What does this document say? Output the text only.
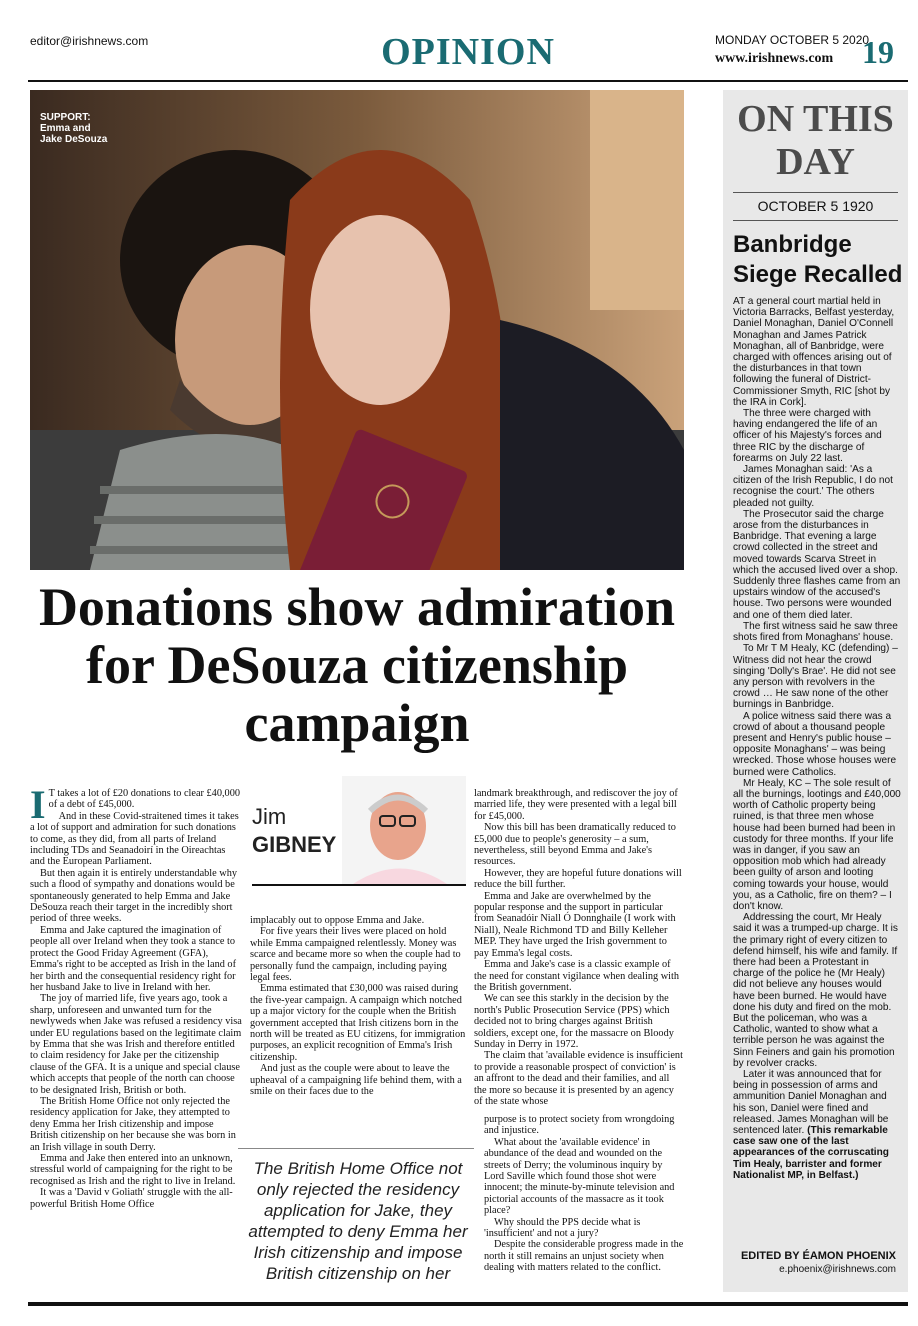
editor@irishnews.com	OPINION	MONDAY OCTOBER 5 2020
www.irishnews.com 19
SUPPORT:
Emma and
Jake DeSouza
Donations show admiration for DeSouza citizenship campaign

I T takes a lot of £20 donations to clear £40,000 of a debt of £45,000.

And in these Covid-straitened times it takes a lot of support and admiration for such donations to come, as they did, from all parts of Ireland including TDs and Seanadoirí in the Oireachtas and the European Parliament.

But then again it is entirely understandable why such a flood of sympathy and donations would be spontaneously generated to help Emma and Jake DeSouza reach their target in the incredibly short period of three weeks.

Emma and Jake captured the imagination of people all over Ireland when they took a stance to protect the Good Friday Agreement (GFA), Emma's right to be accepted as Irish in the land of her birth and the consequential residency right for her husband Jake to live in Ireland with her.

The joy of married life, five years ago, took a sharp, unforeseen and unwanted turn for the newlyweds when Jake was refused a residency visa under EU regulations based on the legitimate claim by Emma that she was Irish and therefore entitled to claim residency for Jake per the citizenship clause of the GFA. It is a unique and special clause which accepts that people of the north can choose to be designated Irish, British or both.

The British Home Office not only rejected the residency application for Jake, they attempted to deny Emma her Irish citizenship and impose British citizenship on her because she was born in an Irish village in south Derry.

Emma and Jake then entered into an unknown, stressful world of campaigning for the right to be recognised as Irish and the right to live in Ireland.

It was a 'David v Goliath' struggle with the all-powerful British Home Office

Jim
GIBNEY

implacably out to oppose Emma and Jake.

For five years their lives were placed on hold while Emma campaigned relentlessly. Money was scarce and became more so when the couple had to personally fund the campaign, including paying legal fees.

Emma estimated that £30,000 was raised during the five-year campaign. A campaign which notched up a major victory for the couple when the British government accepted that Irish citizens born in the north will be treated as EU citizens, for immigration purposes, an explicit recognition of Emma's Irish citizenship.

And just as the couple were about to leave the upheaval of a campaigning life behind them, with a smile on their faces due to the

The British Home Office not only rejected the residency application for Jake, they attempted to deny Emma her Irish citizenship and impose British citizenship on her

landmark breakthrough, and rediscover the joy of married life, they were presented with a legal bill for £45,000.

Now this bill has been dramatically reduced to £5,000 due to people's generosity – a sum, nevertheless, still beyond Emma and Jake's resources.

However, they are hopeful future donations will reduce the bill further.

Emma and Jake are overwhelmed by the popular response and the support in particular from Seanadóir Niall Ó Donnghaile (I work with Niall), Neale Richmond TD and Billy Kelleher MEP. They have urged the Irish government to pay Emma's legal costs.

Emma and Jake's case is a classic example of the need for constant vigilance when dealing with the British government.

We can see this starkly in the decision by the north's Public Prosecution Service (PPS) which decided not to bring charges against British soldiers, except one, for the massacre on Bloody Sunday in Derry in 1972.

The claim that 'available evidence is insufficient to provide a reasonable prospect of conviction' is an affront to the dead and their families, and all the more so because it is presented by an agency of the state whose

purpose is to protect society from wrongdoing and injustice.

What about the 'available evidence' in abundance of the dead and wounded on the streets of Derry; the voluminous inquiry by Lord Saville which found those shot were innocent; the minute-by-minute television and pictorial accounts of the massacre as it took place?

Why should the PPS decide what is 'insufficient' and not a jury?

Despite the considerable progress made in the north it still remains an unjust society when dealing with matters related to the conflict.

ON THIS
DAY
OCTOBER 5 1920
Banbridge
Siege Recalled

AT a general court martial held in Victoria Barracks, Belfast yesterday, Daniel Monaghan, Daniel O'Connell Monaghan and James Patrick Monaghan, all of Banbridge, were charged with offences arising out of the disturbances in that town following the funeral of District-Commissioner Smyth, RIC [shot by the IRA in Cork].

The three were charged with having endangered the life of an officer of his Majesty's forces and three RIC by the discharge of forearms on July 22 last.

James Monaghan said: 'As a citizen of the Irish Republic, I do not recognise the court.' The others pleaded not guilty.

The Prosecutor said the charge arose from the disturbances in Banbridge. That evening a large crowd collected in the street and moved towards Scarva Street in which the accused lived over a shop. Suddenly three flashes came from an upstairs window of the accused's house. Two persons were wounded and one of them died later.

The first witness said he saw three shots fired from Monaghans' house.

To Mr T M Healy, KC (defending) – Witness did not hear the crowd singing 'Dolly's Brae'. He did not see any person with revolvers in the crowd … He saw none of the other burnings in Banbridge.

A police witness said there was a crowd of about a thousand people present and Henry's public house – opposite Monaghans' – was being wrecked. Those whose houses were burned were Catholics.

Mr Healy, KC – The sole result of all the burnings, lootings and £40,000 worth of Catholic property being ruined, is that three men whose house had been burned had been in custody for three months. If your life was in danger, if you saw an opposition mob which had already been guilty of arson and looting coming towards your house, would you, as a Catholic, fire on them? – I don't know.

Addressing the court, Mr Healy said it was a trumped-up charge. It is the primary right of every citizen to defend himself, his wife and family. If there had been a Protestant in charge of the police he (Mr Healy) did not believe any houses would have been burned. He would have done his duty and fired on the mob. But the policeman, who was a Catholic, wanted to show what a terrible person he was against the Sinn Feiners and gain his promotion by revolver cracks.

Later it was announced that for being in possession of arms and ammunition Daniel Monaghan and his son, Daniel were fined and released. James Monaghan will be sentenced later. (This remarkable case saw one of the last appearances of the corruscating Tim Healy, barrister and former Nationalist MP, in Belfast.)

EDITED BY ÉAMON PHOENIX
e.phoenix@irishnews.com
